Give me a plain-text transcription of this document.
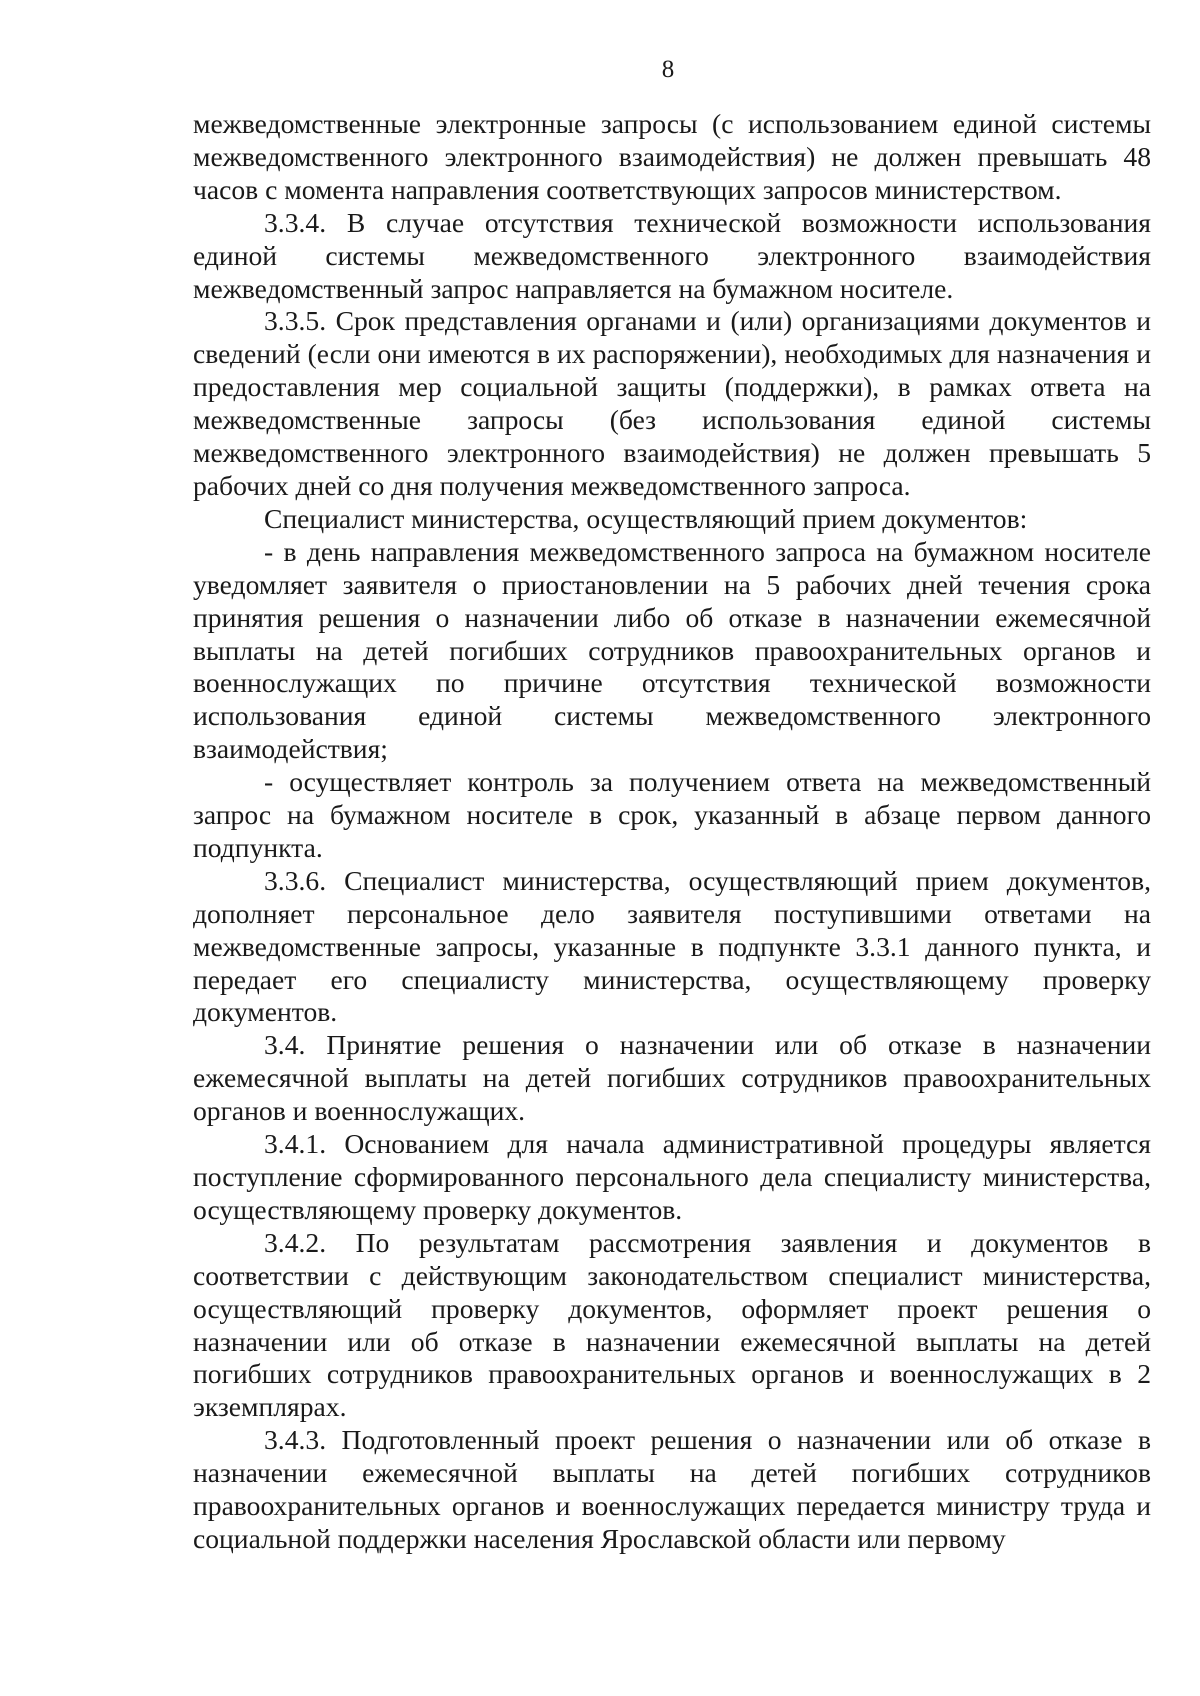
8

межведомственные электронные запросы (с использованием единой системы межведомственного электронного взаимодействия) не должен превышать 48 часов с момента направления соответствующих запросов министерством.

3.3.4. В случае отсутствия технической возможности использования единой системы межведомственного электронного взаимодействия межведомственный запрос направляется на бумажном носителе.

3.3.5. Срок представления органами и (или) организациями документов и сведений (если они имеются в их распоряжении), необходимых для назначения и предоставления мер социальной защиты (поддержки), в рамках ответа на межведомственные запросы (без использования единой системы межведомственного электронного взаимодействия) не должен превышать 5 рабочих дней со дня получения межведомственного запроса.

Специалист министерства, осуществляющий прием документов:

- в день направления межведомственного запроса на бумажном носителе уведомляет заявителя о приостановлении на 5 рабочих дней течения срока принятия решения о назначении либо об отказе в назначении ежемесячной выплаты на детей погибших сотрудников правоохранительных органов и военнослужащих по причине отсутствия технической возможности использования единой системы межведомственного электронного взаимодействия;

- осуществляет контроль за получением ответа на межведомственный запрос на бумажном носителе в срок, указанный в абзаце первом данного подпункта.

3.3.6. Специалист министерства, осуществляющий прием документов, дополняет персональное дело заявителя поступившими ответами на межведомственные запросы, указанные в подпункте 3.3.1 данного пункта, и передает его специалисту министерства, осуществляющему проверку документов.

3.4. Принятие решения о назначении или об отказе в назначении ежемесячной выплаты на детей погибших сотрудников правоохранительных органов и военнослужащих.

3.4.1. Основанием для начала административной процедуры является поступление сформированного персонального дела специалисту министерства, осуществляющему проверку документов.

3.4.2. По результатам рассмотрения заявления и документов в соответствии с действующим законодательством специалист министерства, осуществляющий проверку документов, оформляет проект решения о назначении или об отказе в назначении ежемесячной выплаты на детей погибших сотрудников правоохранительных органов и военнослужащих в 2 экземплярах.

3.4.3. Подготовленный проект решения о назначении или об отказе в назначении ежемесячной выплаты на детей погибших сотрудников правоохранительных органов и военнослужащих передается министру труда и социальной поддержки населения Ярославской области или первому
